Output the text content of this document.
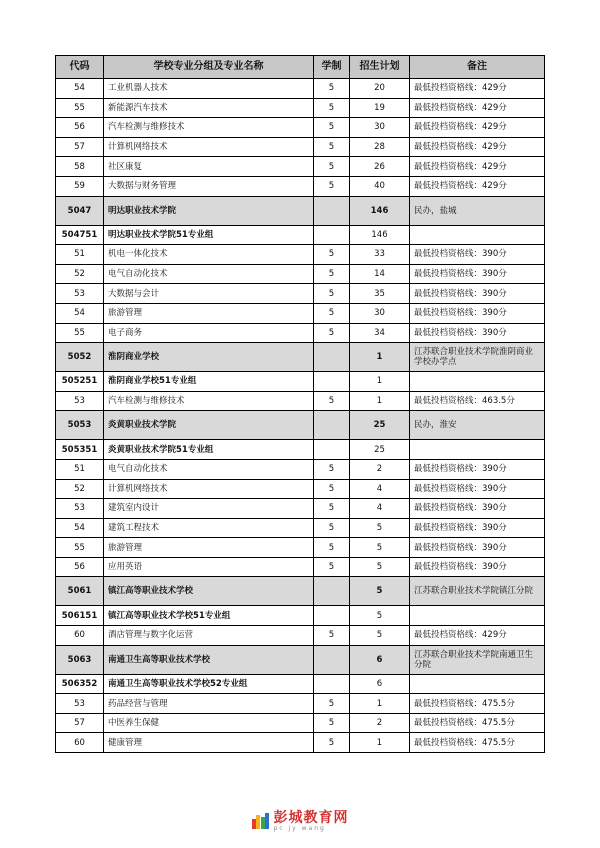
代码	学校专业分组及专业名称	学制	招生计划	备注
54	工业机器人技术	5	20	最低投档资格线：429分
55	新能源汽车技术	5	19	最低投档资格线：429分
56	汽车检测与维修技术	5	30	最低投档资格线：429分
57	计算机网络技术	5	28	最低投档资格线：429分
58	社区康复	5	26	最低投档资格线：429分
59	大数据与财务管理	5	40	最低投档资格线：429分
5047	明达职业技术学院		146	民办，盐城
504751	明达职业技术学院51专业组		146	
51	机电一体化技术	5	33	最低投档资格线：390分
52	电气自动化技术	5	14	最低投档资格线：390分
53	大数据与会计	5	35	最低投档资格线：390分
54	旅游管理	5	30	最低投档资格线：390分
55	电子商务	5	34	最低投档资格线：390分
5052	淮阴商业学校		1	江苏联合职业技术学院淮阴商业学校办学点
505251	淮阴商业学校51专业组		1	
53	汽车检测与维修技术	5	1	最低投档资格线：463.5分
5053	炎黄职业技术学院		25	民办，淮安
505351	炎黄职业技术学院51专业组		25	
51	电气自动化技术	5	2	最低投档资格线：390分
52	计算机网络技术	5	4	最低投档资格线：390分
53	建筑室内设计	5	4	最低投档资格线：390分
54	建筑工程技术	5	5	最低投档资格线：390分
55	旅游管理	5	5	最低投档资格线：390分
56	应用英语	5	5	最低投档资格线：390分
5061	镇江高等职业技术学校		5	江苏联合职业技术学院镇江分院
506151	镇江高等职业技术学校51专业组		5	
60	酒店管理与数字化运营	5	5	最低投档资格线：429分
5063	南通卫生高等职业技术学校		6	江苏联合职业技术学院南通卫生分院
506352	南通卫生高等职业技术学校52专业组		6	
53	药品经营与管理	5	1	最低投档资格线：475.5分
57	中医养生保健	5	2	最低投档资格线：475.5分
60	健康管理	5	1	最低投档资格线：475.5分
彭城教育网
pc jy wang
